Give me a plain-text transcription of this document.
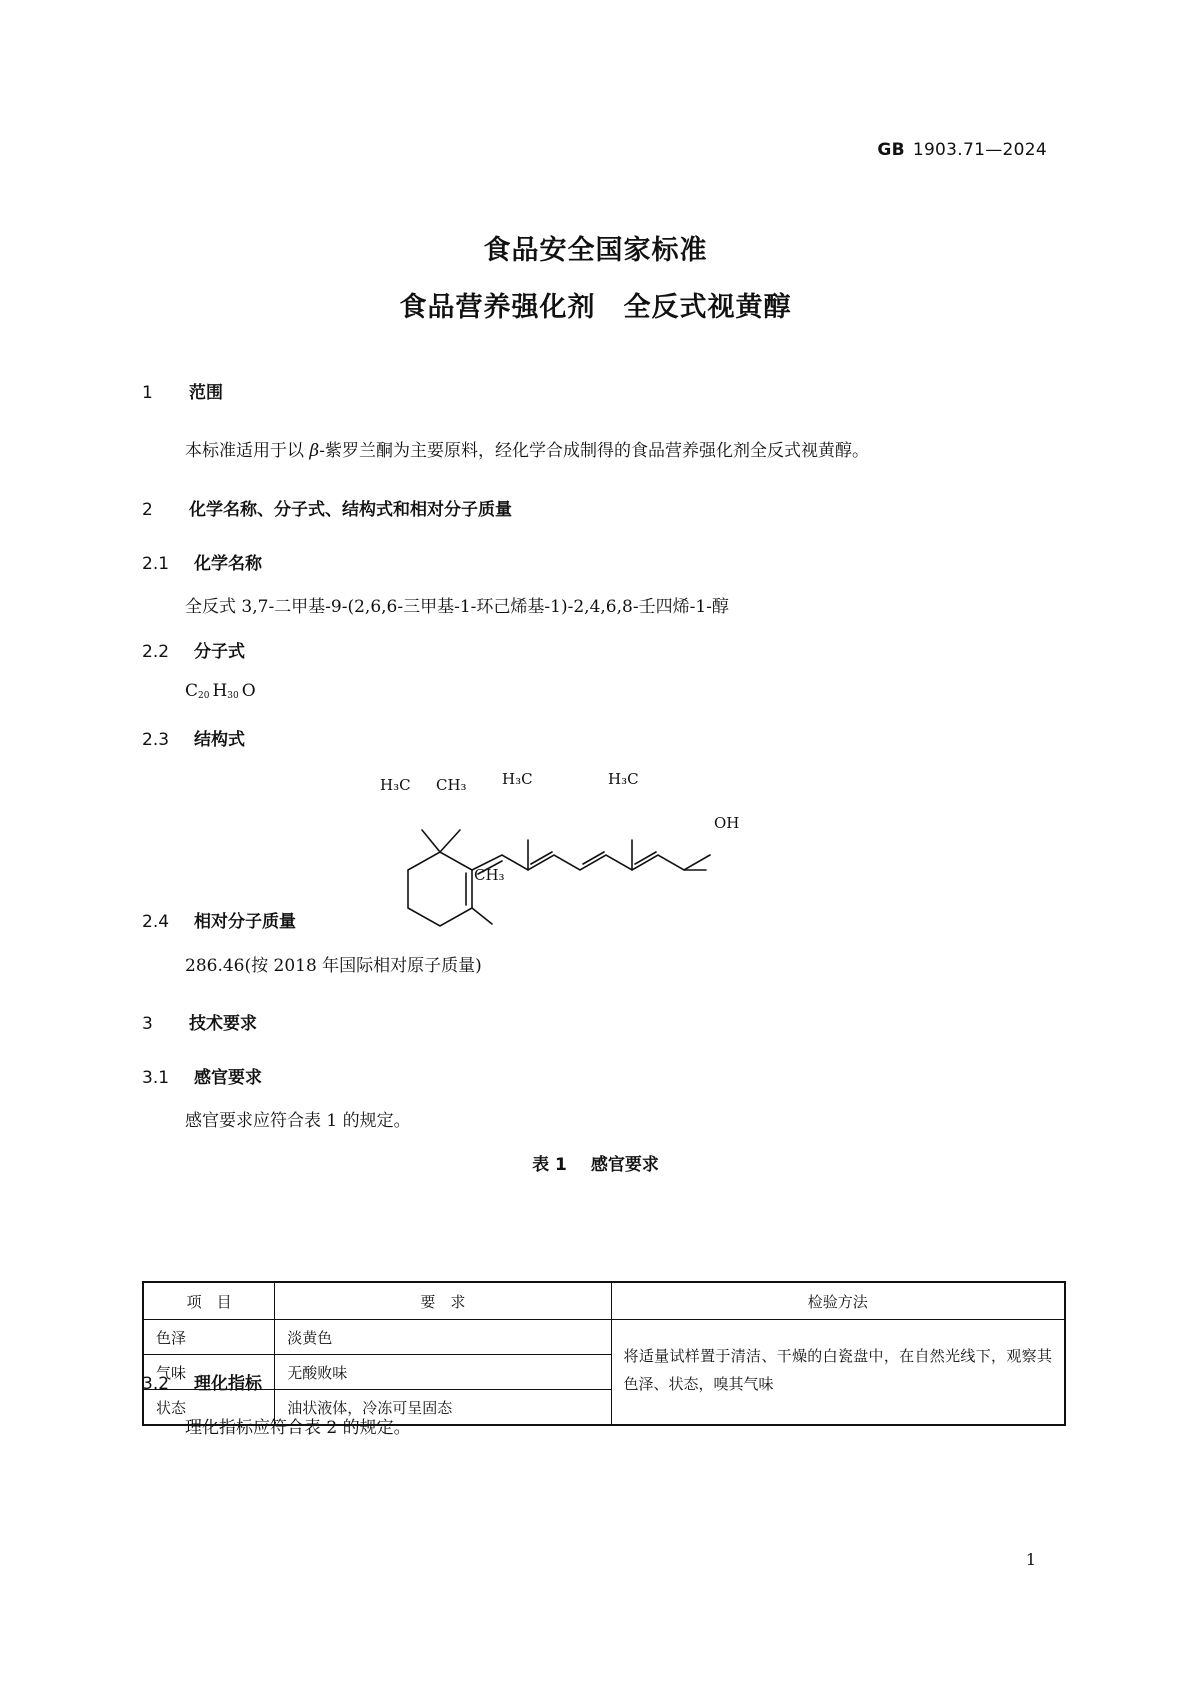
GB 1903.71—2024
食品安全国家标准
食品营养强化剂　全反式视黄醇
1 范围
本标准适用于以 β-紫罗兰酮为主要原料，经化学合成制得的食品营养强化剂全反式视黄醇。
2 化学名称、分子式、结构式和相对分子质量
2.1 化学名称
全反式 3,7-二甲基-9-(2,6,6-三甲基-1-环己烯基-1)-2,4,6,8-壬四烯-1-醇
2.2 分子式
$C_{20}$ $H_{30}$ O
2.3 结构式
H₃C CH₃ H₃C	H₃C
OH
CH₃
2.4 相对分子质量
286.46(按 2018 年国际相对原子质量)
3 技术要求
3.1 感官要求
感官要求应符合表 1 的规定。
表 1 感官要求
项　目	要　求	检验方法
色泽	淡黄色	将适量试样置于清洁、干燥的白瓷盘中，在自然光线下，观察其色泽、状态，嗅其气味
气味	无酸败味	
状态	油状液体，冷冻可呈固态	
3.2 理化指标
理化指标应符合表 2 的规定。
1
